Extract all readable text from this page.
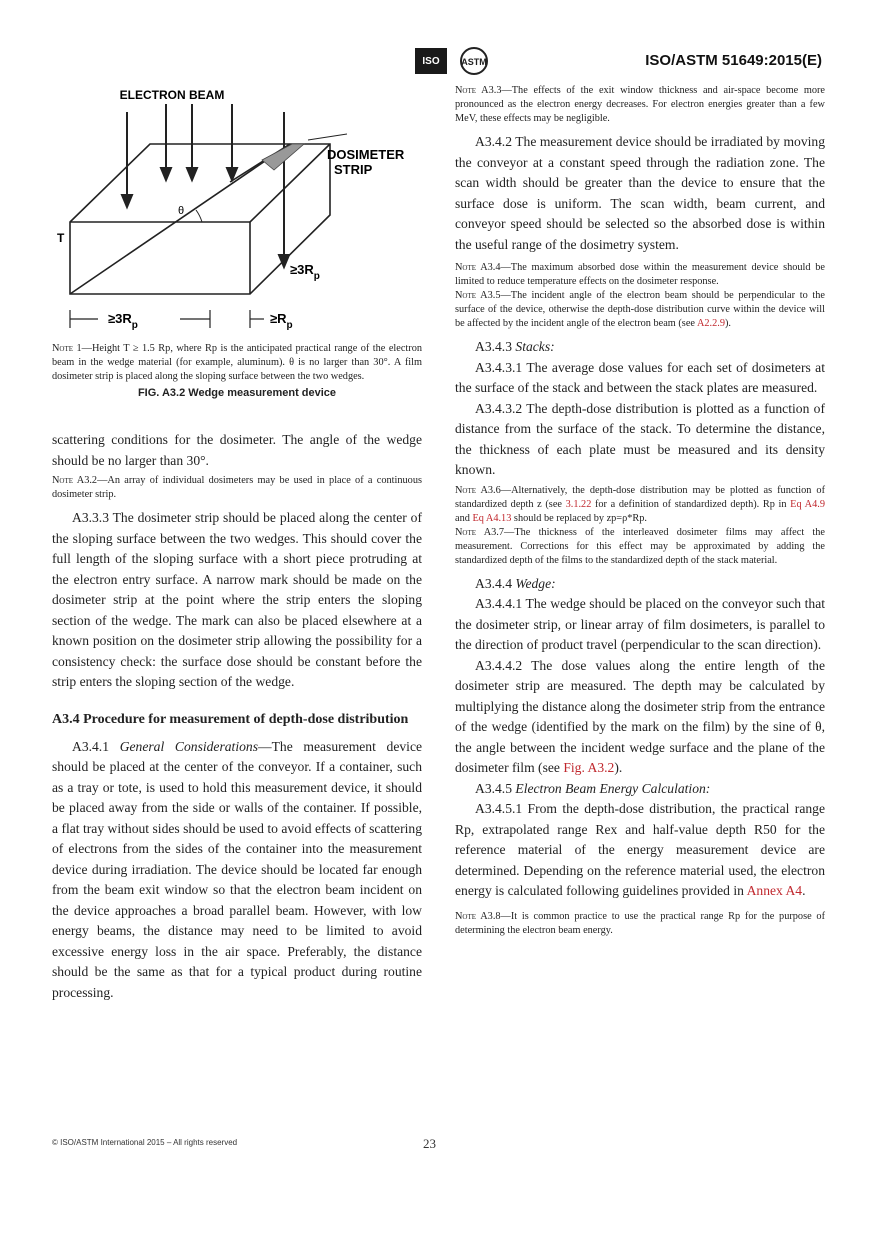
ISO	ASTM	ISO/ASTM 51649:2015(E)
ELECTRON BEAM
DOSIMETER
STRIP
θ
T
$\ge 3R_p$
$\ge 3R_p$	$\ge R_p$

Note 1—Height T ≥ 1.5 Rp, where Rp is the anticipated practical range of the electron beam in the wedge material (for example, aluminum). θ is no larger than 30°. A film dosimeter strip is placed along the sloping surface between the two wedges.

FIG. A3.2 Wedge measurement device

scattering conditions for the dosimeter. The angle of the wedge should be no larger than 30°.

Note A3.2—An array of individual dosimeters may be used in place of a continuous dosimeter strip.

A3.3.3 The dosimeter strip should be placed along the center of the sloping surface between the two wedges. This should cover the full length of the sloping surface with a short piece protruding at the electron entry surface. A narrow mark should be made on the dosimeter strip at the point where the strip enters the sloping section of the wedge. The mark can also be placed elsewhere at a known position on the dosimeter strip allowing the possibility for a consistency check: the surface dose should be constant before the strip enters the sloping section of the wedge.

A3.4 Procedure for measurement of depth-dose distribution

A3.4.1 General Considerations—The measurement device should be placed at the center of the conveyor. If a container, such as a tray or tote, is used to hold this measurement device, it should be placed away from the side or walls of the container. If possible, a flat tray without sides should be used to avoid effects of scattering of electrons from the sides of the container into the measurement device during irradiation. The device should be located far enough from the beam exit window so that the electron beam incident on the device approaches a broad parallel beam. However, with low energy beams, the distance may need to be limited to avoid excessive energy loss in the air space. Preferably, the distance should be the same as that for a typical product during routine processing.

Note A3.3—The effects of the exit window thickness and air-space become more pronounced as the electron energy decreases. For electron energies greater than a few MeV, these effects may be negligible.

A3.4.2 The measurement device should be irradiated by moving the conveyor at a constant speed through the radiation zone. The scan width should be greater than the device to ensure that the surface dose is uniform. The scan width, beam current, and conveyor speed should be selected so the absorbed dose is within the useful range of the dosimetry system.

Note A3.4—The maximum absorbed dose within the measurement device should be limited to reduce temperature effects on the dosimeter response.

Note A3.5—The incident angle of the electron beam should be perpendicular to the surface of the device, otherwise the depth-dose distribution curve within the device will be affected by the incident angle of the electron beam (see A2.2.9).

A3.4.3 Stacks:

A3.4.3.1 The average dose values for each set of dosimeters at the surface of the stack and between the stack plates are measured.

A3.4.3.2 The depth-dose distribution is plotted as a function of distance from the surface of the stack. To determine the distance, the thickness of each plate must be measured and its density known.

Note A3.6—Alternatively, the depth-dose distribution may be plotted as function of standardized depth z (see 3.1.22 for a definition of standardized depth). Rp in Eq A4.9 and Eq A4.13 should be replaced by zp=ρ*Rp.

Note A3.7—The thickness of the interleaved dosimeter films may affect the measurement. Corrections for this effect may be approximated by adding the standardized depth of the films to the standardized depth of the stack material.

A3.4.4 Wedge:

A3.4.4.1 The wedge should be placed on the conveyor such that the dosimeter strip, or linear array of film dosimeters, is parallel to the direction of product travel (perpendicular to the scan direction).

A3.4.4.2 The dose values along the entire length of the dosimeter strip are measured. The depth may be calculated by multiplying the distance along the dosimeter strip from the entrance of the wedge (identified by the mark on the film) by the sine of θ, the angle between the incident wedge surface and the plane of the dosimeter film (see Fig. A3.2).

A3.4.5 Electron Beam Energy Calculation:

A3.4.5.1 From the depth-dose distribution, the practical range Rp, extrapolated range Rex and half-value depth R50 for the reference material of the energy measurement device are determined. Depending on the reference material used, the electron energy is calculated following guidelines provided in Annex A4.

Note A3.8—It is common practice to use the practical range Rp for the purpose of determining the electron beam energy.

© ISO/ASTM International 2015 – All rights reserved	23
